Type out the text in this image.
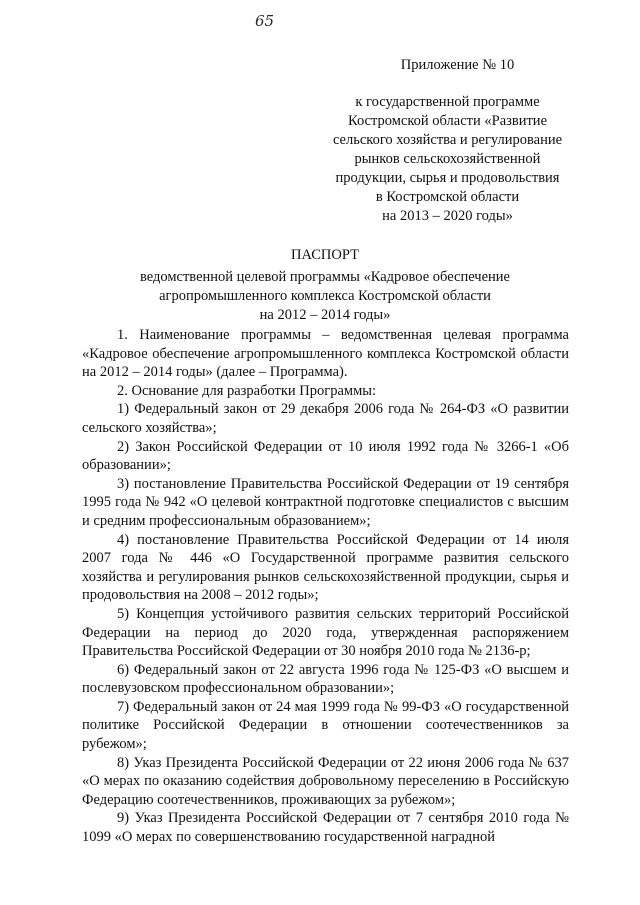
65
Приложение № 10
к государственной программе
Костромской области «Развитие
сельского хозяйства и регулирование
рынков сельскохозяйственной
продукции, сырья и продовольствия
в Костромской области
на 2013 – 2020 годы»
ПАСПОРТ
ведомственной целевой программы «Кадровое обеспечение
агропромышленного комплекса Костромской области
на 2012 – 2014 годы»

1. Наименование программы – ведомственная целевая программа «Кадровое обеспечение агропромышленного комплекса Костромской области на 2012 – 2014 годы» (далее – Программа).

2. Основание для разработки Программы:

1) Федеральный закон от 29 декабря 2006 года № 264-ФЗ «О развитии сельского хозяйства»;

2) Закон Российской Федерации от 10 июля 1992 года № 3266-1 «Об образовании»;

3) постановление Правительства Российской Федерации от 19 сентября 1995 года № 942 «О целевой контрактной подготовке специалистов с высшим и средним профессиональным образованием»;

4) постановление Правительства Российской Федерации от 14 июля 2007 года № 446 «О Государственной программе развития сельского хозяйства и регулирования рынков сельскохозяйственной продукции, сырья и продовольствия на 2008 – 2012 годы»;

5) Концепция устойчивого развития сельских территорий Российской Федерации на период до 2020 года, утвержденная распоряжением Правительства Российской Федерации от 30 ноября 2010 года № 2136-р;

6) Федеральный закон от 22 августа 1996 года № 125-ФЗ «О высшем и послевузовском профессиональном образовании»;

7) Федеральный закон от 24 мая 1999 года № 99-ФЗ «О государственной политике Российской Федерации в отношении соотечественников за рубежом»;

8) Указ Президента Российской Федерации от 22 июня 2006 года № 637 «О мерах по оказанию содействия добровольному переселению в Российскую Федерацию соотечественников, проживающих за рубежом»;

9) Указ Президента Российской Федерации от 7 сентября 2010 года № 1099 «О мерах по совершенствованию государственной наградной
